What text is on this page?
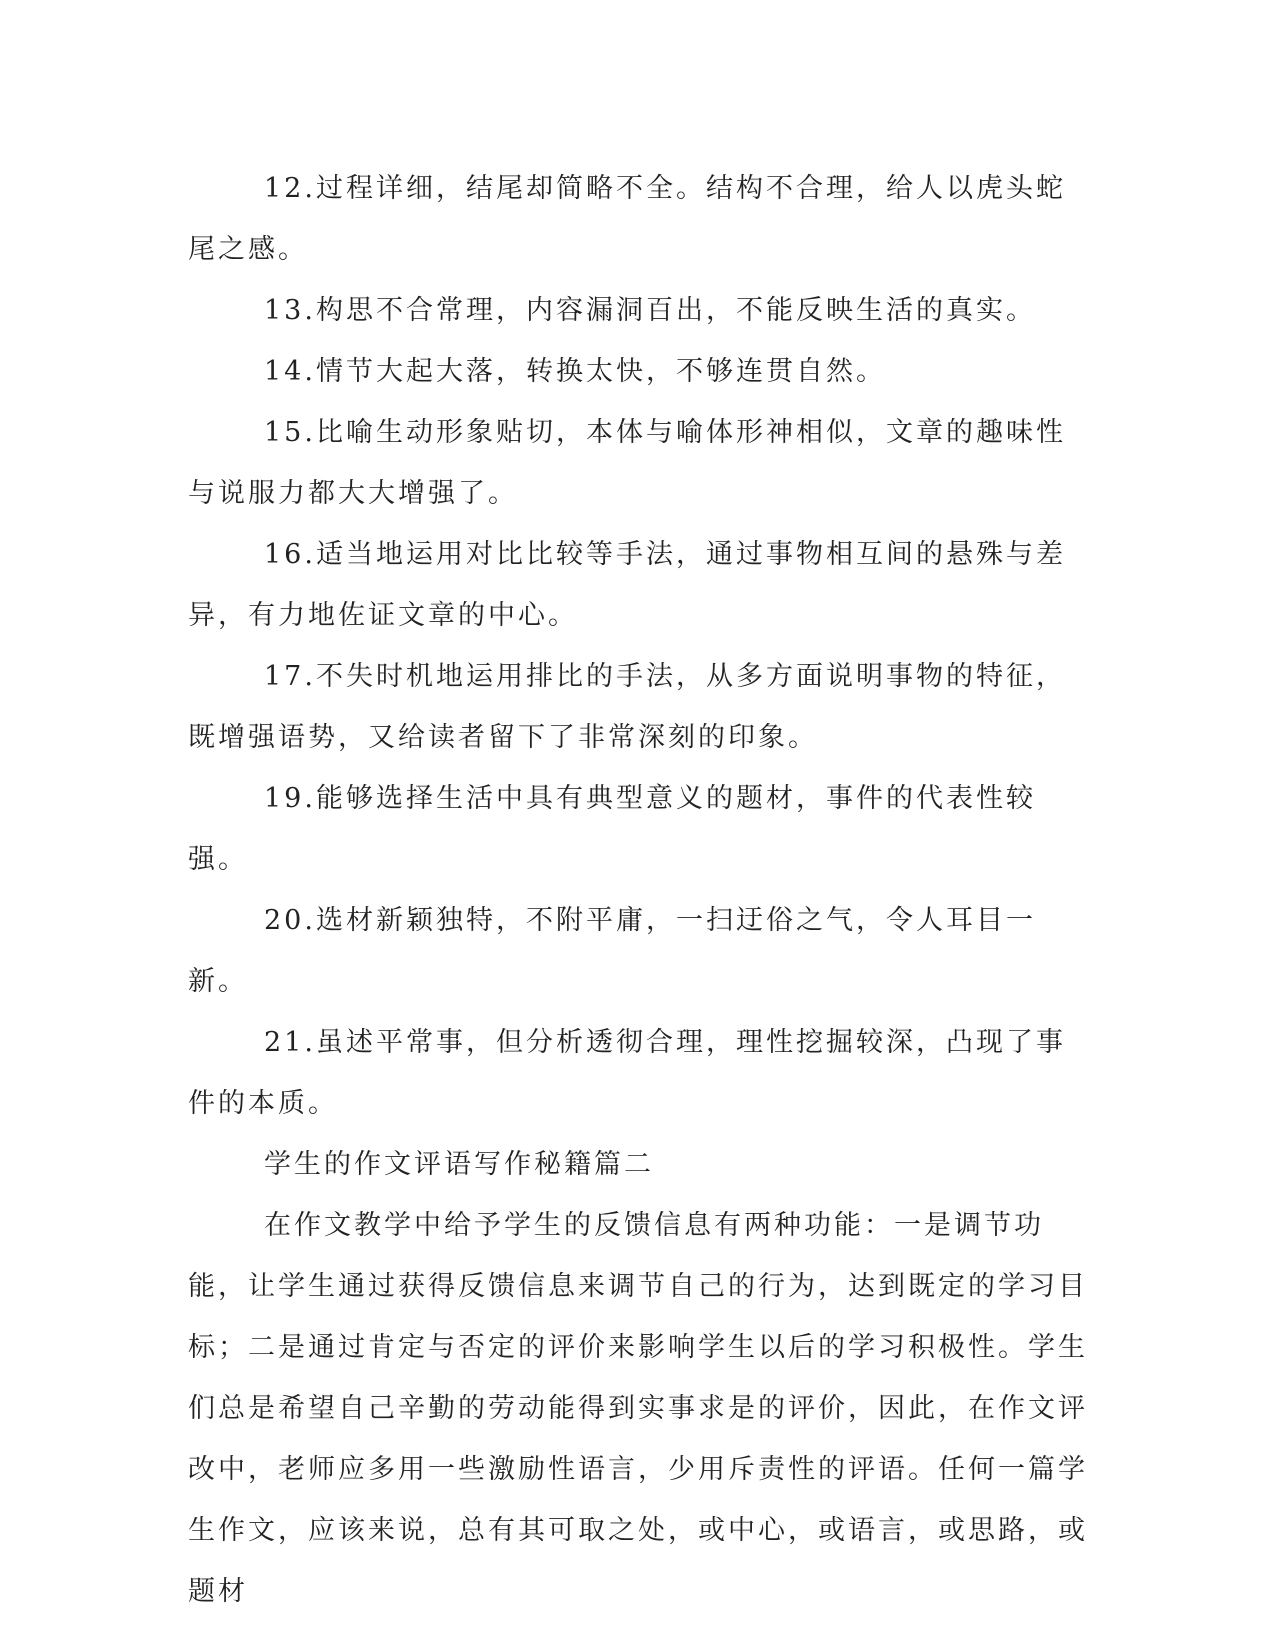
12.过程详细，结尾却简略不全。结构不合理，给人以虎头蛇尾之感。

13.构思不合常理，内容漏洞百出，不能反映生活的真实。

14.情节大起大落，转换太快，不够连贯自然。

15.比喻生动形象贴切，本体与喻体形神相似，文章的趣味性与说服力都大大增强了。

16.适当地运用对比比较等手法，通过事物相互间的悬殊与差异，有力地佐证文章的中心。

17.不失时机地运用排比的手法，从多方面说明事物的特征，既增强语势，又给读者留下了非常深刻的印象。

19.能够选择生活中具有典型意义的题材，事件的代表性较强。

20.选材新颖独特，不附平庸，一扫迂俗之气，令人耳目一新。

21.虽述平常事，但分析透彻合理，理性挖掘较深，凸现了事件的本质。

学生的作文评语写作秘籍篇二

在作文教学中给予学生的反馈信息有两种功能：一是调节功能，让学生通过获得反馈信息来调节自己的行为，达到既定的学习目标；二是通过肯定与否定的评价来影响学生以后的学习积极性。学生们总是希望自己辛勤的劳动能得到实事求是的评价，因此，在作文评改中，老师应多用一些激励性语言，少用斥责性的评语。任何一篇学生作文，应该来说，总有其可取之处，或中心，或语言，或思路，或题材
